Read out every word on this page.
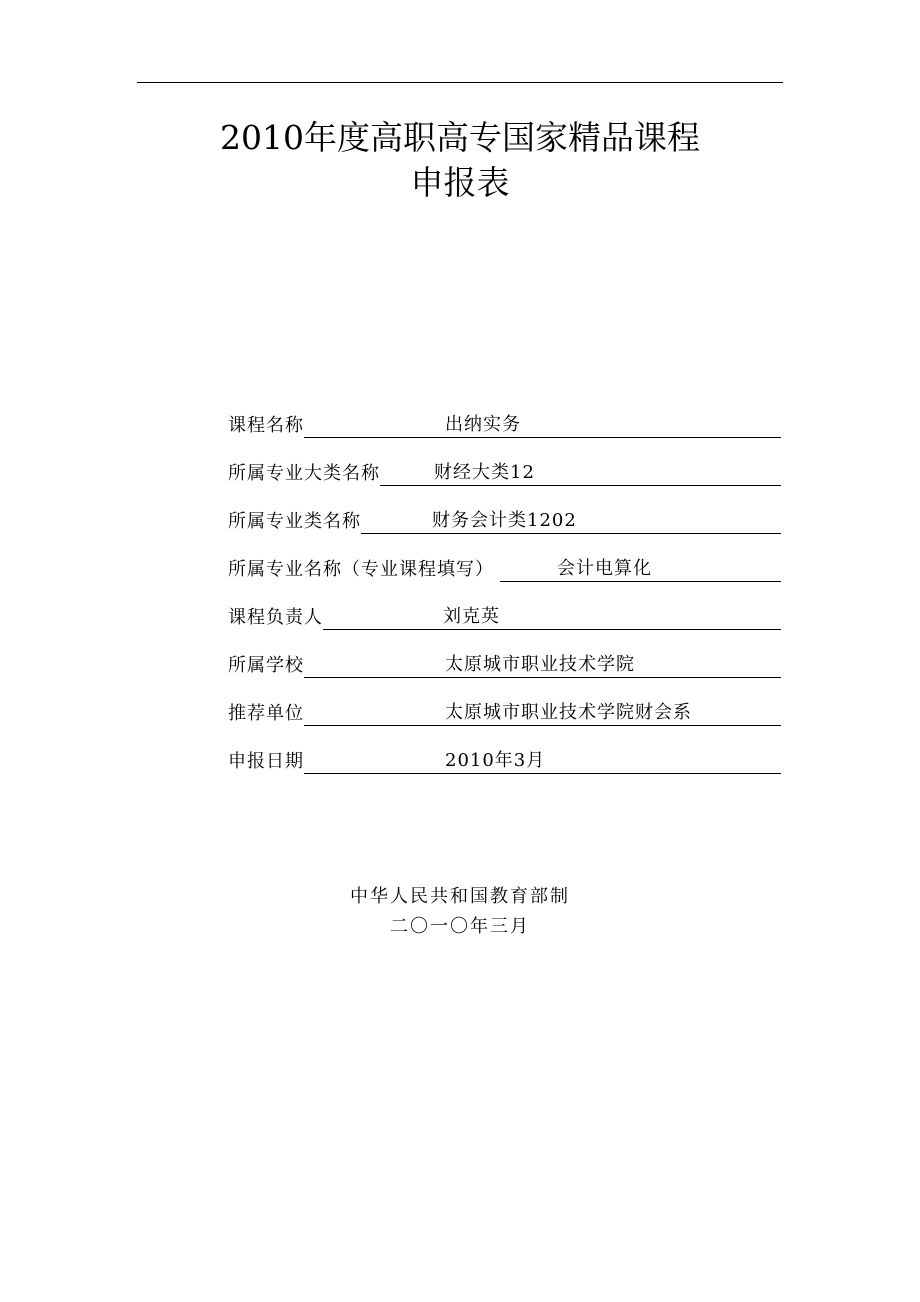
2010年度高职高专国家精品课程
申报表
课程名称	出纳实务
所属专业大类名称	财经大类12
所属专业类名称	财务会计类1202
所属专业名称（专业课程填写）	会计电算化
课程负责人	刘克英
所属学校	太原城市职业技术学院
推荐单位	太原城市职业技术学院财会系
申报日期	2010年3月
中华人民共和国教育部制
二〇一〇年三月
